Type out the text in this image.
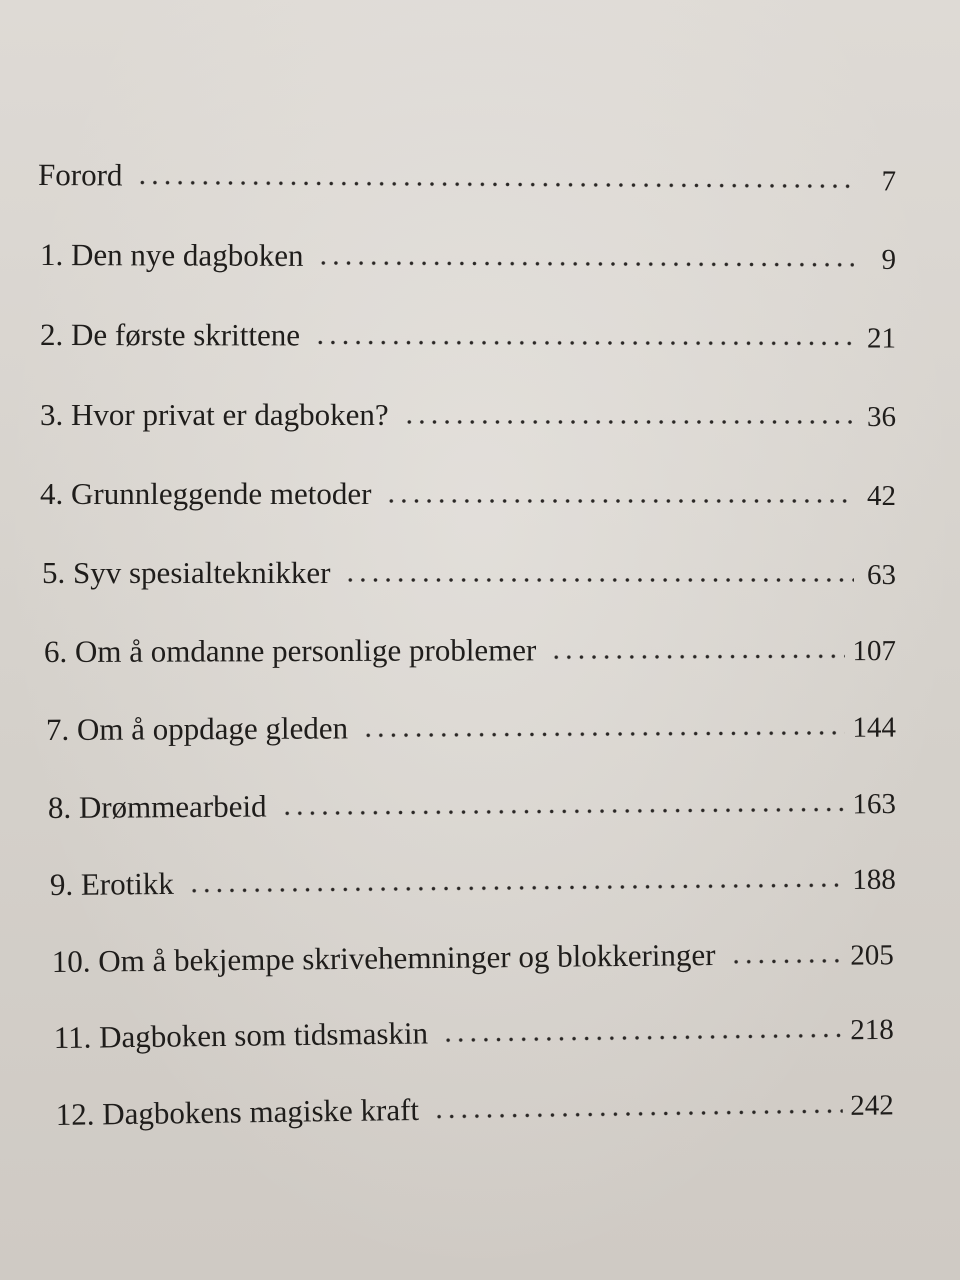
Forord	7
1. Den nye dagboken	9
2. De første skrittene	21
3. Hvor privat er dagboken?	36
4. Grunnleggende metoder	42
5. Syv spesialteknikker	63
6. Om å omdanne personlige problemer	107
7. Om å oppdage gleden	144
8. Drømmearbeid	163
9. Erotikk	188
10. Om å bekjempe skrivehemninger og blokkeringer	205
11. Dagboken som tidsmaskin	218
12. Dagbokens magiske kraft	242
